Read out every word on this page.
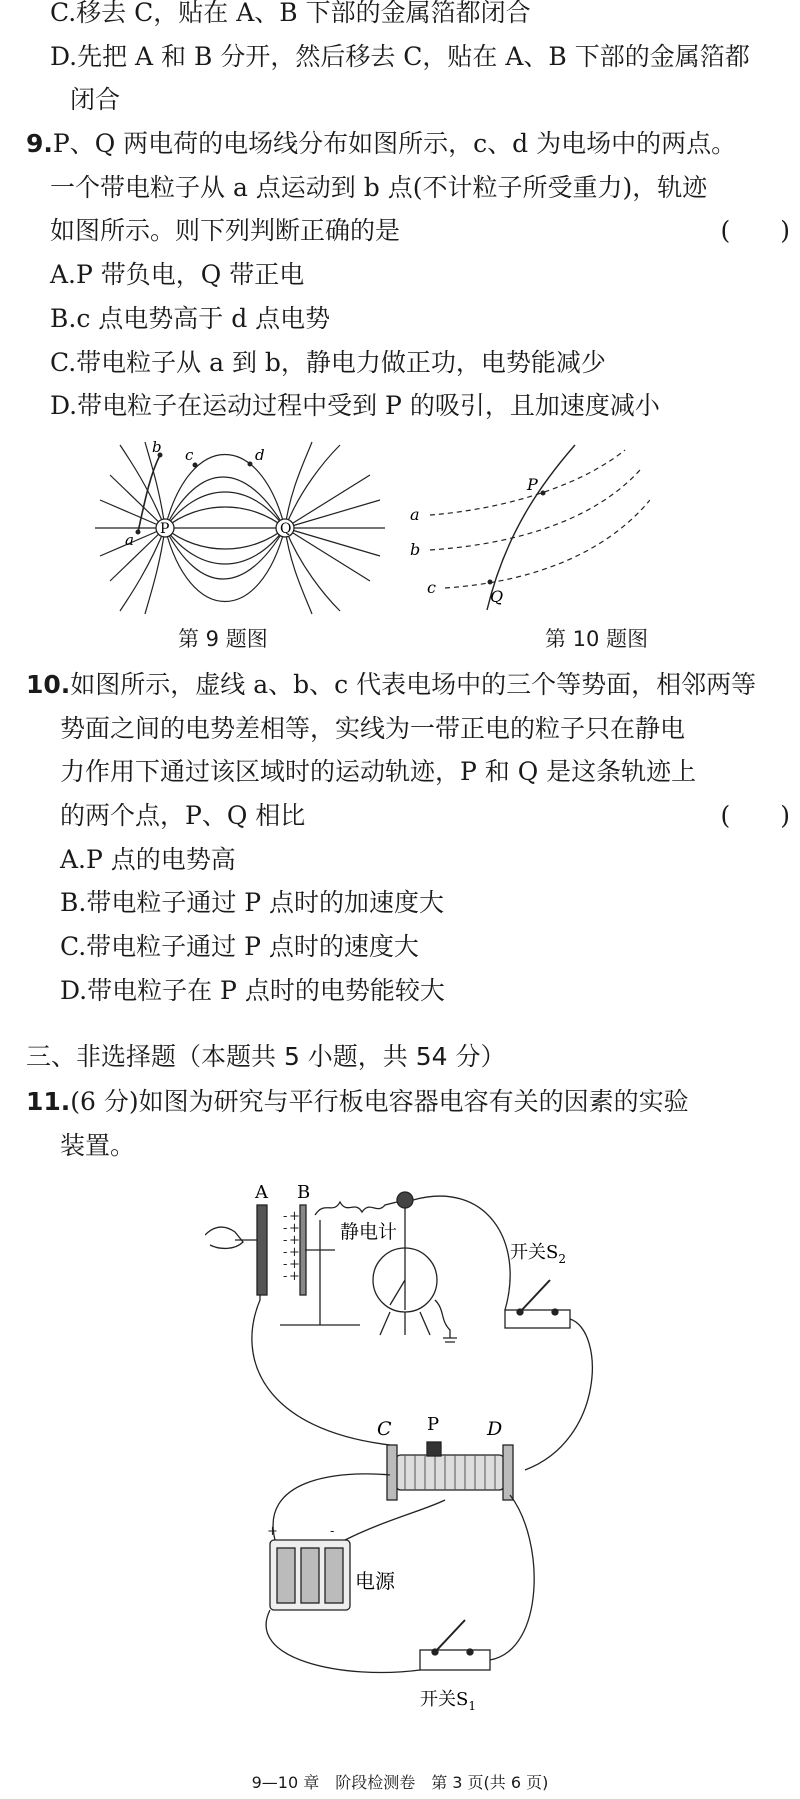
C.移去 C，贴在 A、B 下部的金属箔都闭合
D.先把 A 和 B 分开，然后移去 C，贴在 A、B 下部的金属箔都
闭合
9.P、Q 两电荷的电场线分布如图所示，c、d 为电场中的两点。
一个带电粒子从 a 点运动到 b 点(不计粒子所受重力)，轨迹
如图所示。则下列判断正确的是	(　　)
A.P 带负电，Q 带正电
B.c 点电势高于 d 点电势
C.带电粒子从 a 到 b，静电力做正功，电势能减少
D.带电粒子在运动过程中受到 P 的吸引，且加速度减小
P	Q
a
b c	d
第 9 题图
a
b
c
P
Q
第 10 题图
10.如图所示，虚线 a、b、c 代表电场中的三个等势面，相邻两等
势面之间的电势差相等，实线为一带正电的粒子只在静电
力作用下通过该区域时的运动轨迹，P 和 Q 是这条轨迹上
的两个点，P、Q 相比	(　　)
A.P 点的电势高
B.带电粒子通过 P 点时的加速度大
C.带电粒子通过 P 点时的速度大
D.带电粒子在 P 点时的电势能较大
三、非选择题（本题共 5 小题，共 54 分）
11.(6 分)如图为研究与平行板电容器电容有关的因素的实验
装置。
-
-
-
-
-
-
+
+
+
+
+
+
+	-
A B
静电计
开关$S_2$
C P	D
电源
开关$S_1$
9—10 章　阶段检测卷　第 3 页(共 6 页)
